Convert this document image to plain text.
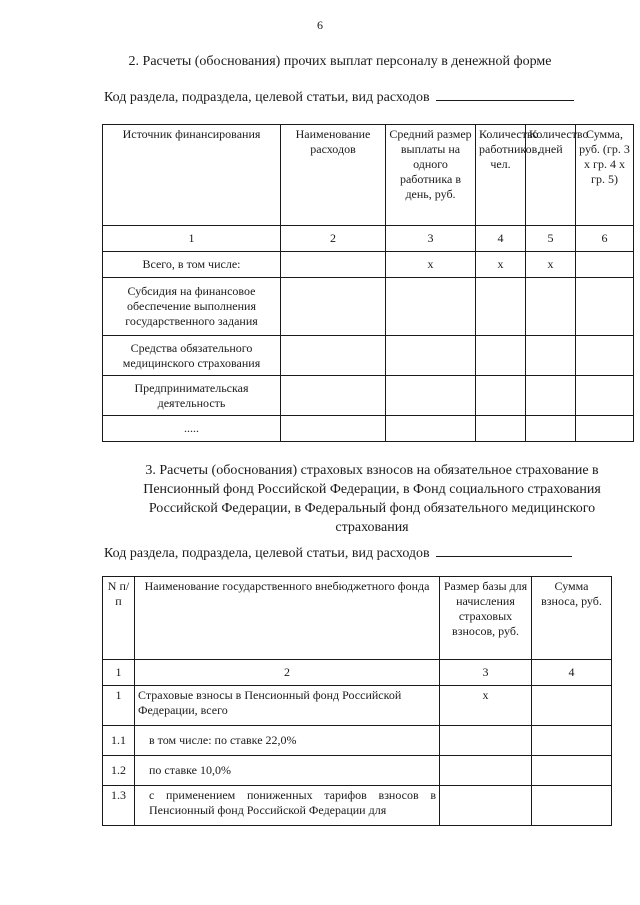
6
2. Расчеты (обоснования) прочих выплат персоналу в денежной форме
Код раздела, подраздела, целевой статьи, вид расходов
Источник финансирования	Наименование расходов	Средний размер выплаты на одного работника в день, руб.	Количество работников, чел.	Количество дней	Сумма, руб. (гр. 3 х гр. 4 х гр. 5)
1	2	3	4	5	6
Всего, в том числе:		х	х	х	
Субсидия на финансовое обеспечение выполнения государственного задания					
Средства обязательного медицинского страхования					
Предпринимательская деятельность					
.....					
3. Расчеты (обоснования) страховых взносов на обязательное страхование в Пенсионный фонд Российской Федерации, в Фонд социального страхования Российской Федерации, в Федеральный фонд обязательного медицинского страхования
Код раздела, подраздела, целевой статьи, вид расходов
N п/п	Наименование государственного внебюджетного фонда	Размер базы для начисления страховых взносов, руб.	Сумма взноса, руб.
1	2	3	4
1	Страховые взносы в Пенсионный фонд Российской Федерации, всего	х	
1.1	в том числе: по ставке 22,0%		
1.2	по ставке 10,0%		
1.3	с применением пониженных тарифов взносов в Пенсионный фонд Российской Федерации для		
